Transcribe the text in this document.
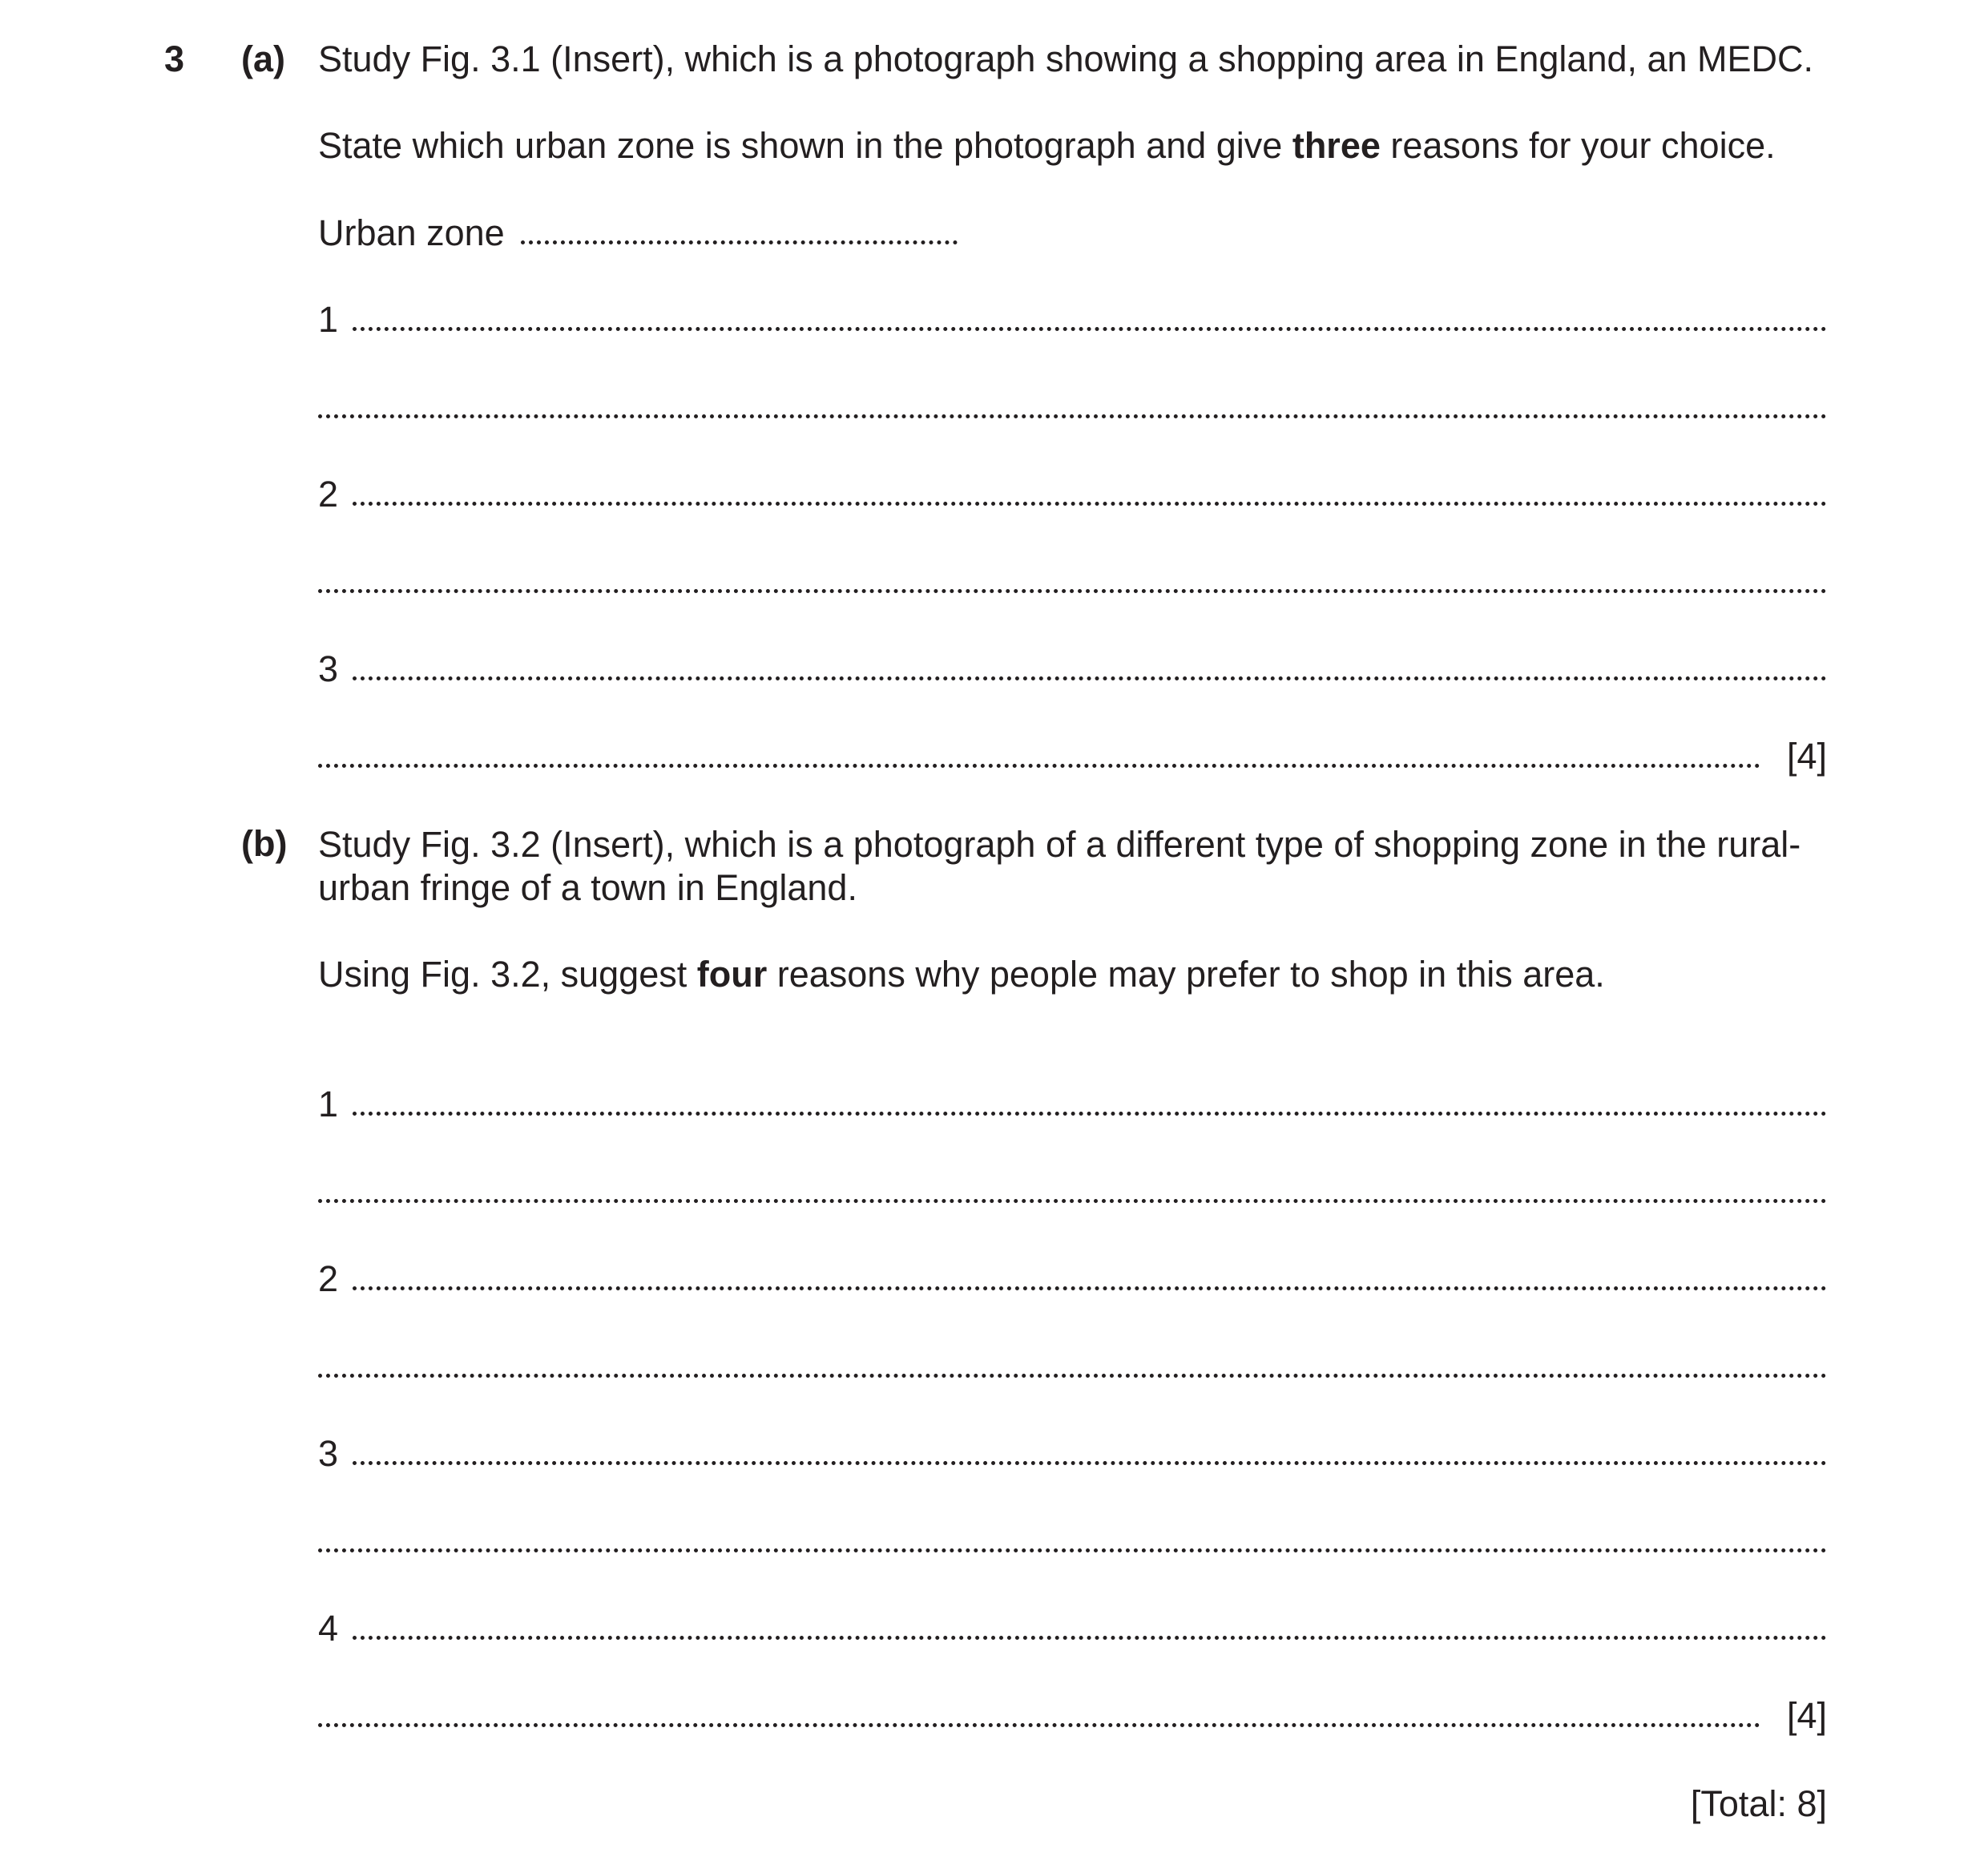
3 (a) Study Fig. 3.1 (Insert), which is a photograph showing a shopping area in England, an MEDC.
State which urban zone is shown in the photograph and give three reasons for your choice.
Urban zone
1
2
3
[4]
(b) Study Fig. 3.2 (Insert), which is a photograph of a different type of shopping zone in the rural-urban fringe of a town in England.
Using Fig. 3.2, suggest four reasons why people may prefer to shop in this area.
1
2
3
4
[4]
[Total: 8]
